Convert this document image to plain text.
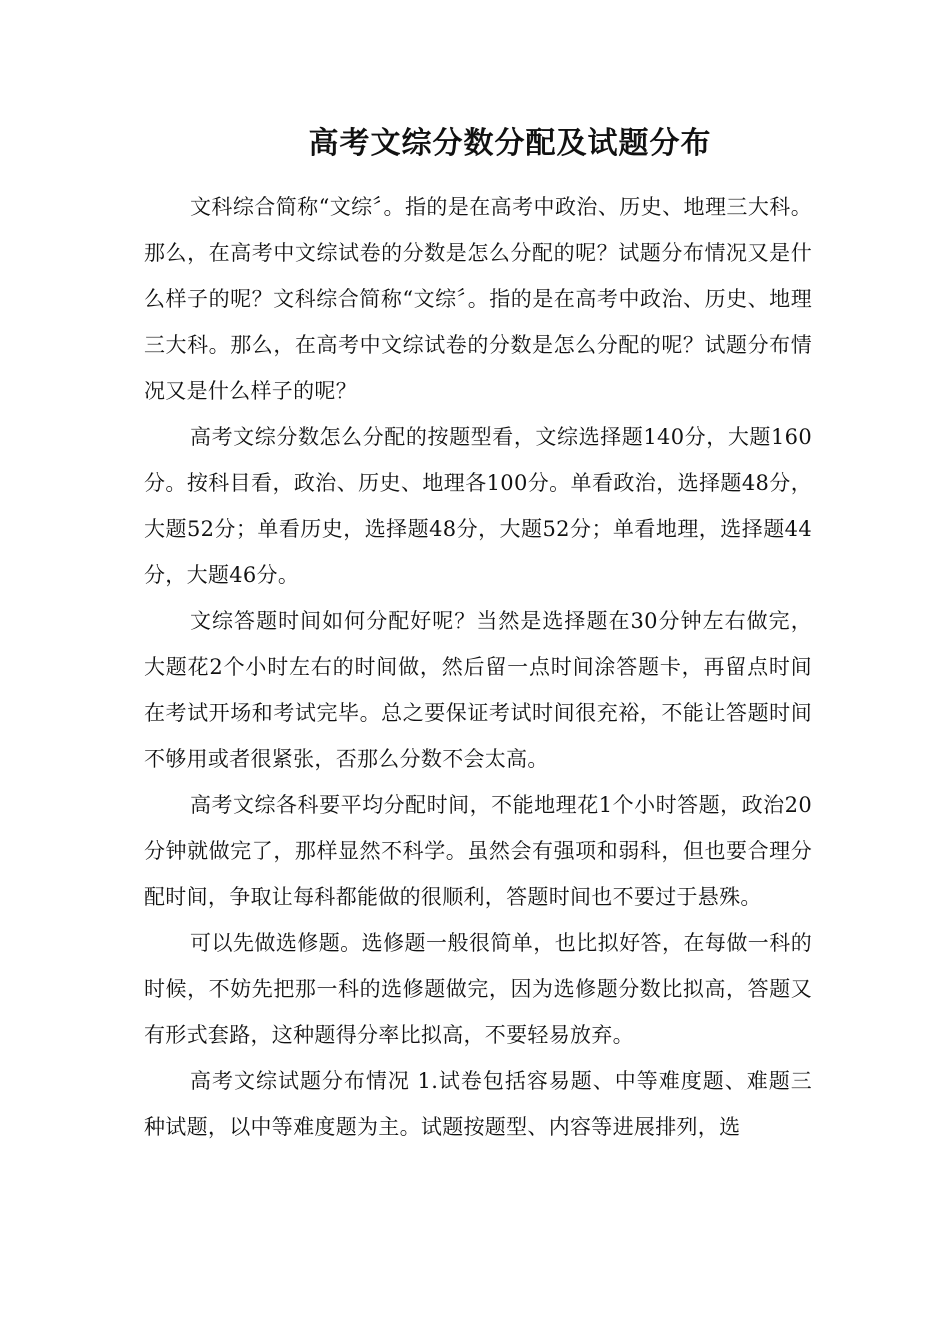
高考文综分数分配及试题分布

文科综合简称“文综〞。指的是在高考中政治、历史、地理三大科。那么，在高考中文综试卷的分数是怎么分配的呢？试题分布情况又是什么样子的呢？文科综合简称“文综〞。指的是在高考中政治、历史、地理三大科。那么，在高考中文综试卷的分数是怎么分配的呢？试题分布情况又是什么样子的呢？

高考文综分数怎么分配的按题型看，文综选择题140分，大题160分。按科目看，政治、历史、地理各100分。单看政治，选择题48分，大题52分；单看历史，选择题48分，大题52分；单看地理，选择题44分，大题46分。

文综答题时间如何分配好呢？当然是选择题在30分钟左右做完，大题花2个小时左右的时间做，然后留一点时间涂答题卡，再留点时间在考试开场和考试完毕。总之要保证考试时间很充裕，不能让答题时间不够用或者很紧张，否那么分数不会太高。

高考文综各科要平均分配时间，不能地理花1个小时答题，政治20分钟就做完了，那样显然不科学。虽然会有强项和弱科，但也要合理分配时间，争取让每科都能做的很顺利，答题时间也不要过于悬殊。

可以先做选修题。选修题一般很简单，也比拟好答，在每做一科的时候，不妨先把那一科的选修题做完，因为选修题分数比拟高，答题又有形式套路，这种题得分率比拟高，不要轻易放弃。

高考文综试题分布情况 1.试卷包括容易题、中等难度题、难题三种试题，以中等难度题为主。试题按题型、内容等进展排列，选
